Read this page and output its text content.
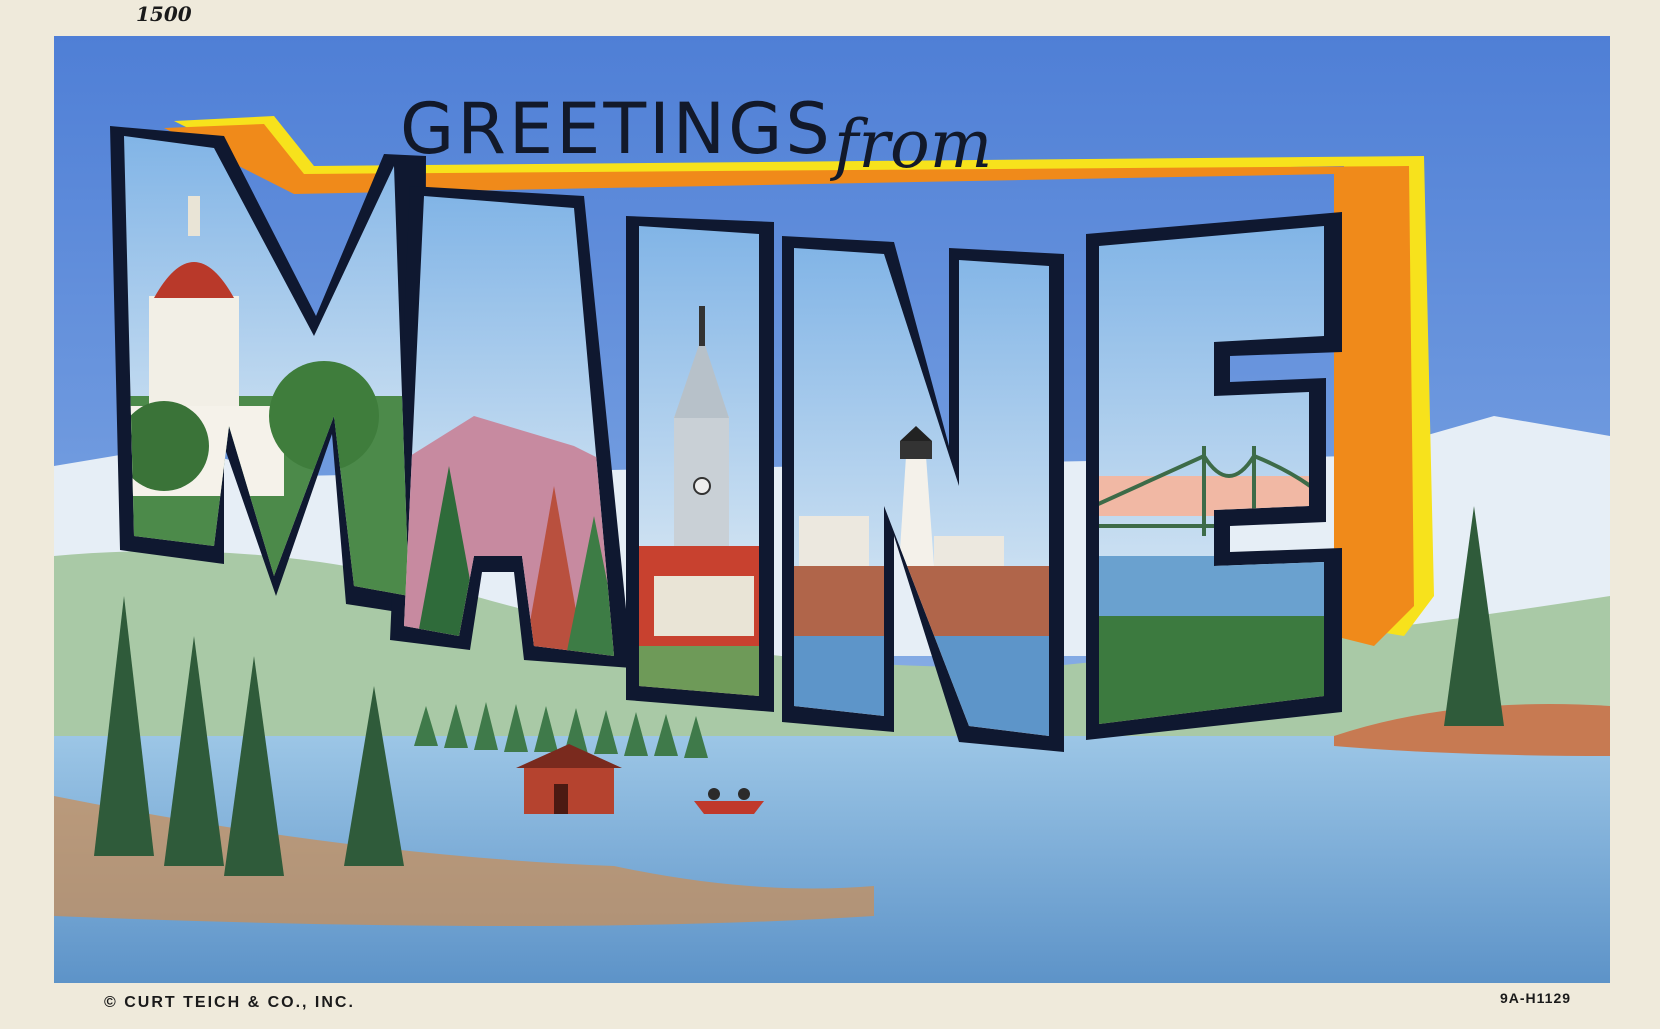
1500
GREETINGS from
© CURT TEICH & CO., INC.	9A-H1129
